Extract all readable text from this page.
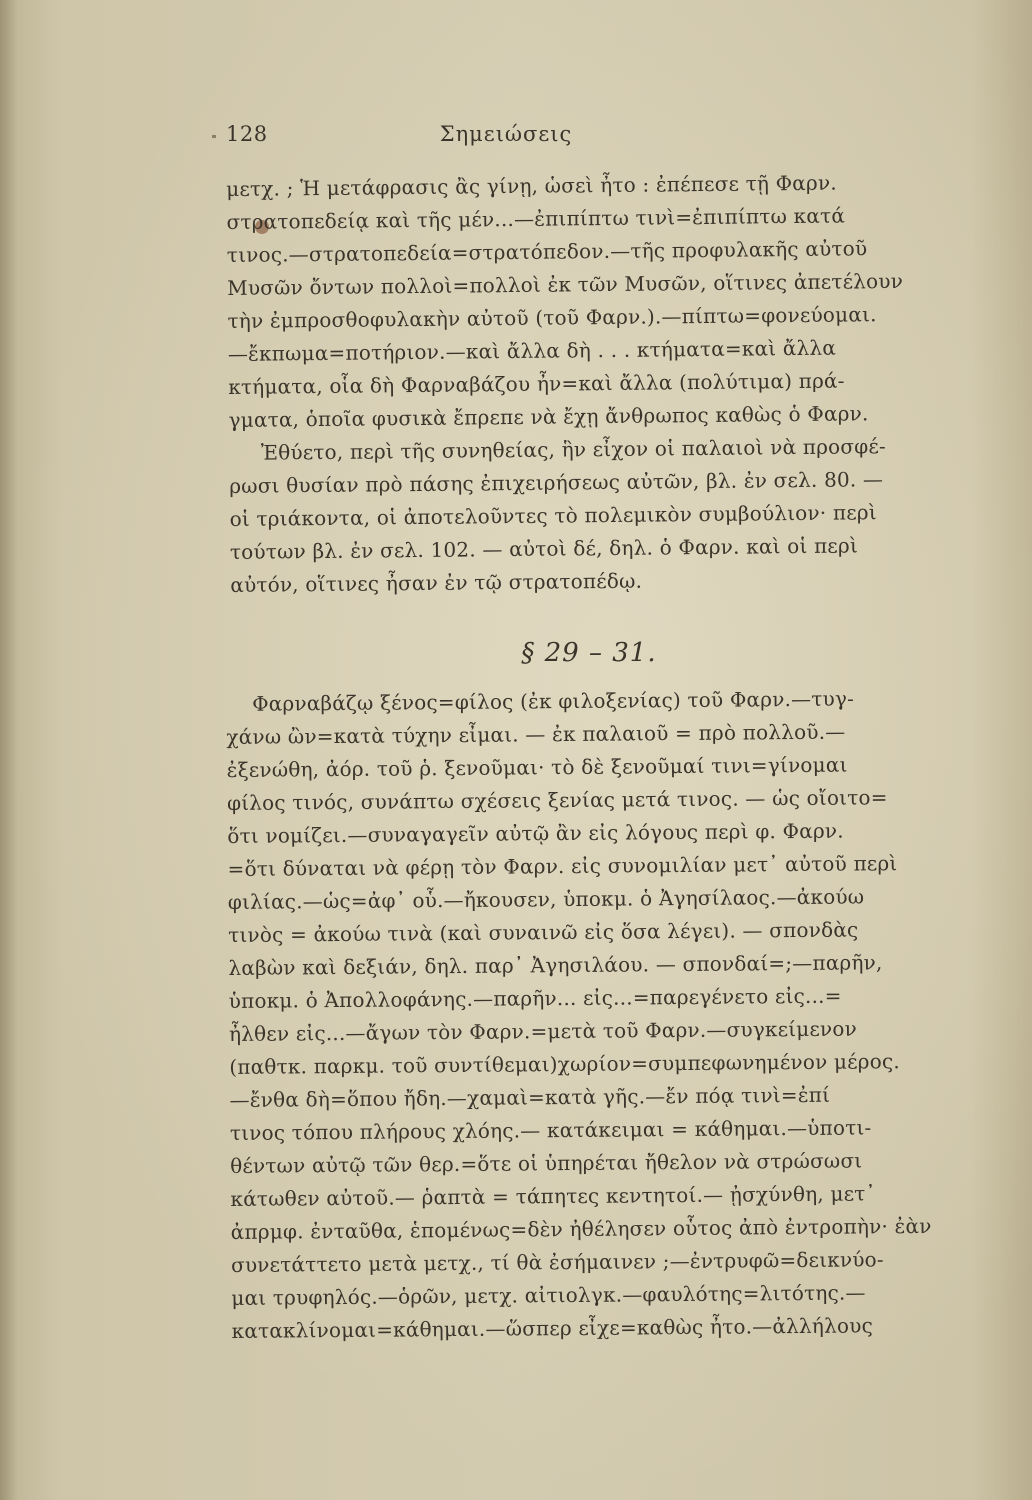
128	Σημειώσεις
μετχ. ; Ἡ μετάφρασις ἂς γίνῃ, ὡσεὶ ἦτο : ἐπέπεσε τῇ Φαρν.
στρατοπεδείᾳ καὶ τῆς μέν...—ἐπιπίπτω τινὶ=ἐπιπίπτω κατά
τινος.—στρατοπεδεία=στρατόπεδον.—τῆς προφυλακῆς αὐτοῦ
Μυσῶν ὄντων πολλοὶ=πολλοὶ ἐκ τῶν Μυσῶν, οἵτινες ἀπετέλουν
τὴν ἐμπροσθοφυλακὴν αὐτοῦ (τοῦ Φαρν.).—πίπτω=φονεύομαι.
—ἔκπωμα=ποτήριον.—καὶ ἄλλα δὴ . . . κτήματα=καὶ ἄλλα
κτήματα, οἷα δὴ Φαρναβάζου ἦν=καὶ ἄλλα (πολύτιμα) πρά-
γματα, ὁποῖα φυσικὰ ἔπρεπε νὰ ἔχῃ ἄνθρωπος καθὼς ὁ Φαρν.
Ἐθύετο, περὶ τῆς συνηθείας, ἣν εἶχον οἱ παλαιοὶ νὰ προσφέ-
ρωσι θυσίαν πρὸ πάσης ἐπιχειρήσεως αὐτῶν, βλ. ἐν σελ. 80. —
οἱ τριάκοντα, οἱ ἀποτελοῦντες τὸ πολεμικὸν συμβούλιον· περὶ
τούτων βλ. ἐν σελ. 102. — αὐτοὶ δέ, δηλ. ὁ Φαρν. καὶ οἱ περὶ
αὐτόν, οἵτινες ἦσαν ἐν τῷ στρατοπέδῳ.
§ 29 – 31.
Φαρναβάζῳ ξένος=φίλος (ἐκ φιλοξενίας) τοῦ Φαρν.—τυγ-
χάνω ὢν=κατὰ τύχην εἶμαι. — ἐκ παλαιοῦ = πρὸ πολλοῦ.—
ἐξενώθη, ἀόρ. τοῦ ῥ. ξενοῦμαι· τὸ δὲ ξενοῦμαί τινι=γίνομαι
φίλος τινός, συνάπτω σχέσεις ξενίας μετά τινος. — ὡς οἴοιτο=
ὅτι νομίζει.—συναγαγεῖν αὐτῷ ἂν εἰς λόγους περὶ φ. Φαρν.
=ὅτι δύναται νὰ φέρῃ τὸν Φαρν. εἰς συνομιλίαν μετ᾽ αὐτοῦ περὶ
φιλίας.—ὡς=ἀφ᾽ οὗ.—ἤκουσεν, ὑποκμ. ὁ Ἀγησίλαος.—ἀκούω
τινὸς = ἀκούω τινὰ (καὶ συναινῶ εἰς ὅσα λέγει). — σπονδὰς
λαβὼν καὶ δεξιάν, δηλ. παρ᾽ Ἀγησιλάου. — σπονδαί=;—παρῆν,
ὑποκμ. ὁ Ἀπολλοφάνης.—παρῆν... εἰς...=παρεγένετο εἰς...=
ἦλθεν εἰς...—ἄγων τὸν Φαρν.=μετὰ τοῦ Φαρν.—συγκείμενον
(παθτκ. παρκμ. τοῦ συντίθεμαι)χωρίον=συμπεφωνημένον μέρος.
—ἔνθα δὴ=ὅπου ἤδη.—χαμαὶ=κατὰ γῆς.—ἔν πόᾳ τινὶ=ἐπί
τινος τόπου πλήρους χλόης.— κατάκειμαι = κάθημαι.—ὑποτι-
θέντων αὐτῷ τῶν θερ.=ὅτε οἱ ὑπηρέται ἤθελον νὰ στρώσωσι
κάτωθεν αὐτοῦ.— ῥαπτὰ = τάπητες κεντητοί.— ᾐσχύνθη, μετ᾽
ἀπρμφ. ἐνταῦθα, ἑπομένως=δὲν ἠθέλησεν οὗτος ἀπὸ ἐντροπὴν· ἐὰν
συνετάττετο μετὰ μετχ., τί θὰ ἐσήμαινεν ;—ἐντρυφῶ=δεικνύο-
μαι τρυφηλός.—ὁρῶν, μετχ. αἰτιολγκ.—φαυλότης=λιτότης.—
κατακλίνομαι=κάθημαι.—ὥσπερ εἶχε=καθὼς ἦτο.—ἀλλήλους
